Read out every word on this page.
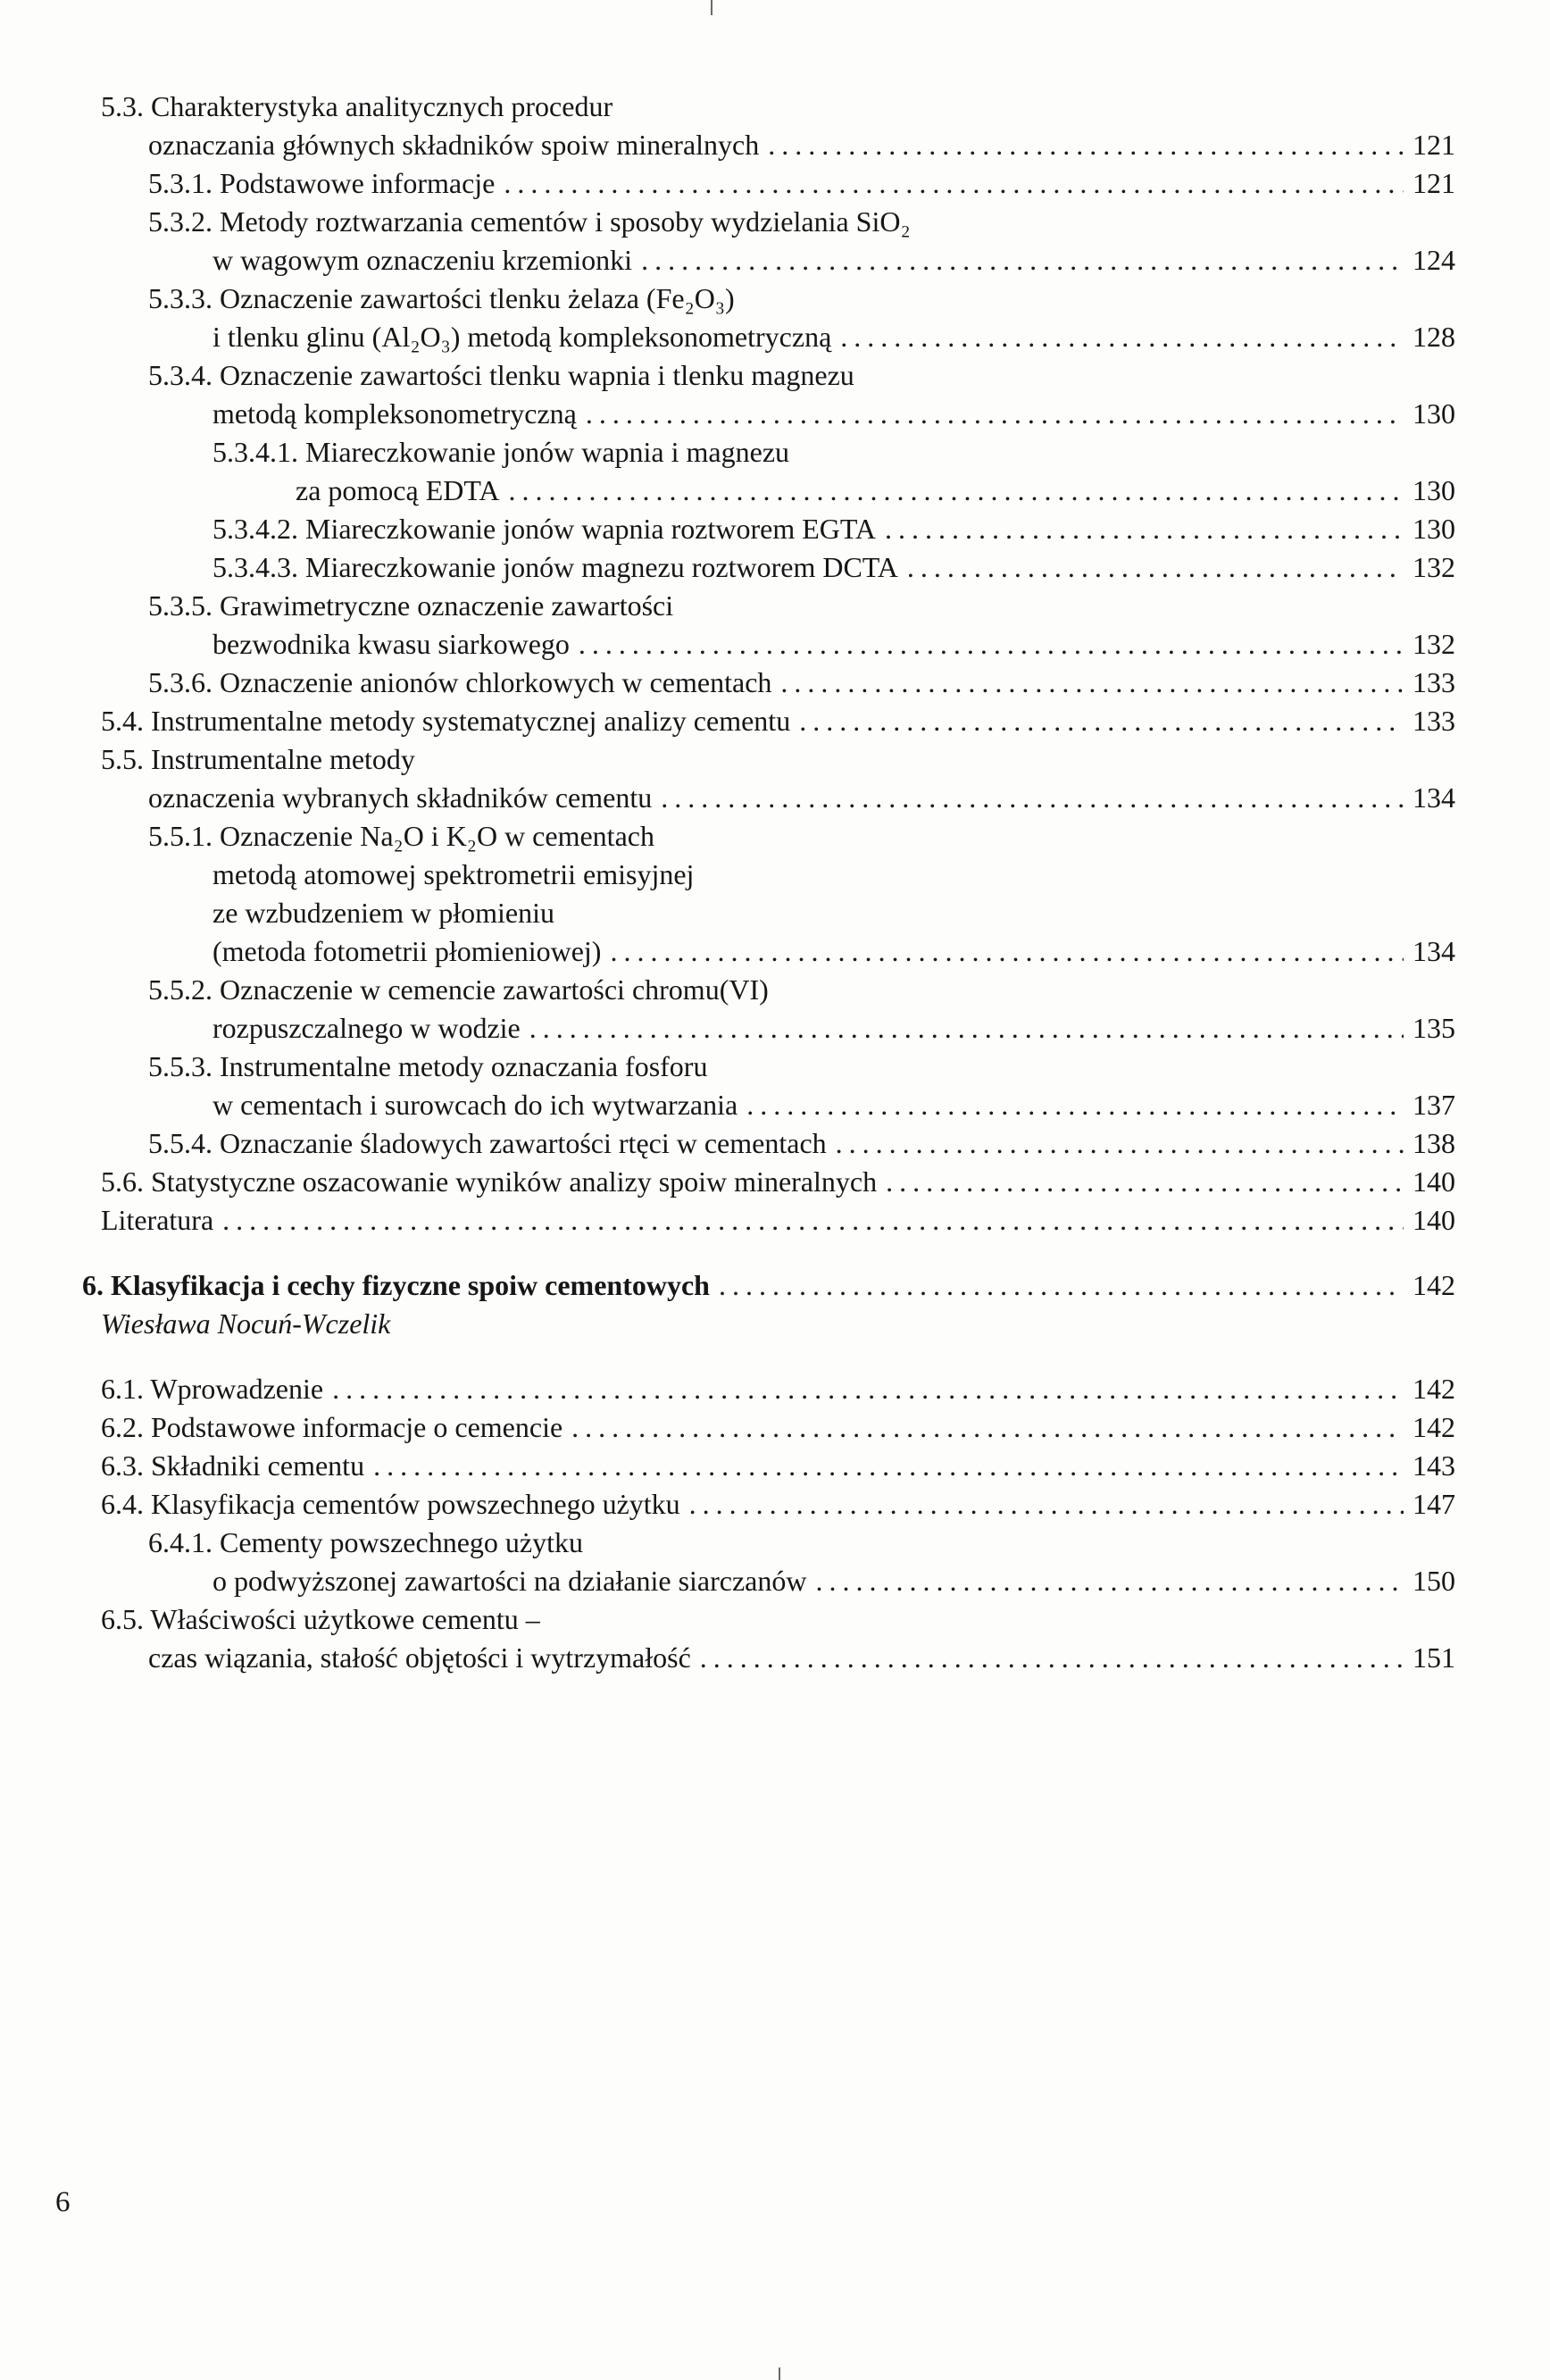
5.3. Charakterystyka analitycznych procedur
oznaczania głównych składników spoiw mineralnych .....	121
5.3.1. Podstawowe informacje .....	121
5.3.2. Metody roztwarzania cementów i sposoby wydzielania SiO₂
w wagowym oznaczeniu krzemionki .....	124
5.3.3. Oznaczenie zawartości tlenku żelaza (Fe₂O₃)
i tlenku glinu (Al₂O₃) metodą kompleksonometryczną .....	128
5.3.4. Oznaczenie zawartości tlenku wapnia i tlenku magnezu
metodą kompleksonometryczną .....	130
5.3.4.1. Miareczkowanie jonów wapnia i magnezu
za pomocą EDTA .....	130
5.3.4.2. Miareczkowanie jonów wapnia roztworem EGTA .....	130
5.3.4.3. Miareczkowanie jonów magnezu roztworem DCTA .....	132
5.3.5. Grawimetryczne oznaczenie zawartości
bezwodnika kwasu siarkowego .....	132
5.3.6. Oznaczenie anionów chlorkowych w cementach .....	133
5.4. Instrumentalne metody systematycznej analizy cementu .....	133
5.5. Instrumentalne metody
oznaczenia wybranych składników cementu .....	134
5.5.1. Oznaczenie Na₂O i K₂O w cementach
metodą atomowej spektrometrii emisyjnej
ze wzbudzeniem w płomieniu
(metoda fotometrii płomieniowej) .....	134
5.5.2. Oznaczenie w cemencie zawartości chromu(VI)
rozpuszczalnego w wodzie .....	135
5.5.3. Instrumentalne metody oznaczania fosforu
w cementach i surowcach do ich wytwarzania .....	137
5.5.4. Oznaczanie śladowych zawartości rtęci w cementach .....	138
5.6. Statystyczne oszacowanie wyników analizy spoiw mineralnych .....	140
Literatura .....	140
6. Klasyfikacja i cechy fizyczne spoiw cementowych .....	142
Wiesława Nocuń-Wczelik
6.1. Wprowadzenie .....	142
6.2. Podstawowe informacje o cemencie .....	142
6.3. Składniki cementu .....	143
6.4. Klasyfikacja cementów powszechnego użytku .....	147
6.4.1. Cementy powszechnego użytku
o podwyższonej zawartości na działanie siarczanów .....	150
6.5. Właściwości użytkowe cementu –
czas wiązania, stałość objętości i wytrzymałość .....	151
6
